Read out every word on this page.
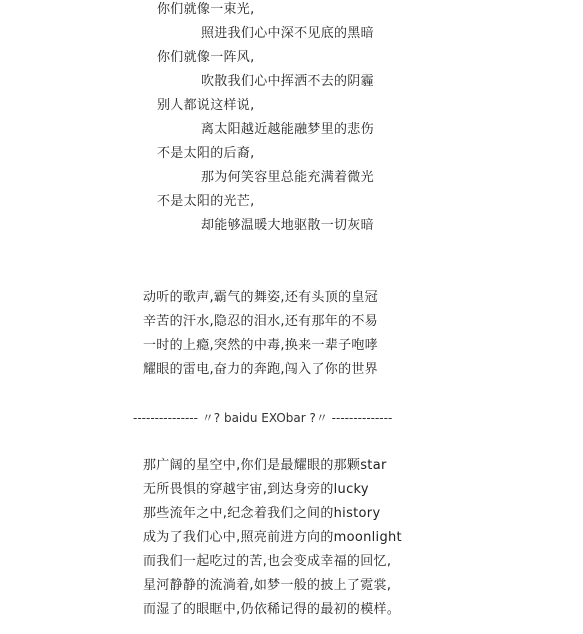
你们就像一束光,
照进我们心中深不见底的黑暗
你们就像一阵风,
吹散我们心中挥洒不去的阴霾
别人都说这样说,
离太阳越近越能融梦里的悲伤
不是太阳的后裔,
那为何笑容里总能充满着微光
不是太阳的光芒,
却能够温暖大地驱散一切灰暗
动听的歌声,霸气的舞姿,还有头顶的皇冠
辛苦的汗水,隐忍的泪水,还有那年的不易
一时的上瘾,突然的中毒,换来一辈子咆哮
耀眼的雷电,奋力的奔跑,闯入了你的世界
--------------- 〃? baidu EXObar ?〃 --------------
那广阔的星空中,你们是最耀眼的那颗star
无所畏惧的穿越宇宙,到达身旁的lucky
那些流年之中,纪念着我们之间的history
成为了我们心中,照亮前进方向的moonlight
而我们一起吃过的苦,也会变成幸福的回忆,
星河静静的流淌着,如梦一般的披上了霓裳,
而湿了的眼眶中,仍依稀记得的最初的模样。
